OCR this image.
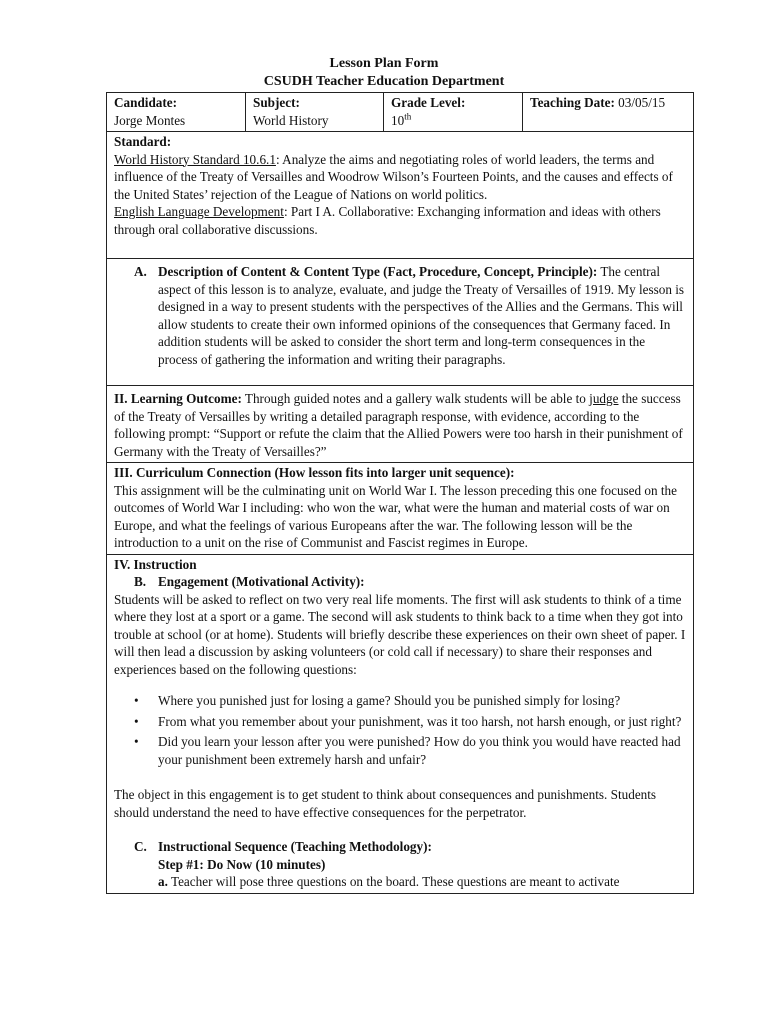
Lesson Plan Form
CSUDH Teacher Education Department
Candidate:
Jorge Montes

Subject:
World History

Grade Level:
10th
	Teaching Date: 03/05/15

Standard:

World History Standard 10.6.1: Analyze the aims and negotiating roles of world leaders, the terms and influence of the Treaty of Versailles and Woodrow Wilson’s Fourteen Points, and the causes and effects of the United States’ rejection of the League of Nations on world politics.

English Language Development: Part I A. Collaborative: Exchanging information and ideas with others through oral collaborative discussions.

A. Description of Content & Content Type (Fact, Procedure, Concept, Principle): The central aspect of this lesson is to analyze, evaluate, and judge the Treaty of Versailles of 1919. My lesson is designed in a way to present students with the perspectives of the Allies and the Germans. This will allow students to create their own informed opinions of the consequences that Germany faced. In addition students will be asked to consider the short term and long-term consequences in the process of gathering the information and writing their paragraphs.

II. Learning Outcome: Through guided notes and a gallery walk students will be able to judge the success of the Treaty of Versailles by writing a detailed paragraph response, with evidence, according to the following prompt: “Support or refute the claim that the Allied Powers were too harsh in their punishment of Germany with the Treaty of Versailles?”

III. Curriculum Connection (How lesson fits into larger unit sequence):

This assignment will be the culminating unit on World War I. The lesson preceding this one focused on the outcomes of World War I including: who won the war, what were the human and material costs of war on Europe, and what the feelings of various Europeans after the war. The following lesson will be the introduction to a unit on the rise of Communist and Fascist regimes in Europe.

IV. Instruction
B. Engagement (Motivational Activity):

Students will be asked to reflect on two very real life moments. The first will ask students to think of a time where they lost at a sport or a game. The second will ask students to think back to a time when they got into trouble at school (or at home). Students will briefly describe these experiences on their own sheet of paper. I will then lead a discussion by asking volunteers (or cold call if necessary) to share their responses and experiences based on the following questions:

•	Where you punished just for losing a game? Should you be punished simply for losing?
•	From what you remember about your punishment, was it too harsh, not harsh enough, or just right?
•	Did you learn your lesson after you were punished? How do you think you would have reacted had your punishment been extremely harsh and unfair?

The object in this engagement is to get student to think about consequences and punishments. Students should understand the need to have effective consequences for the perpetrator.

C. Instructional Sequence (Teaching Methodology):
Step #1: Do Now (10 minutes)
a. Teacher will pose three questions on the board. These questions are meant to activate
